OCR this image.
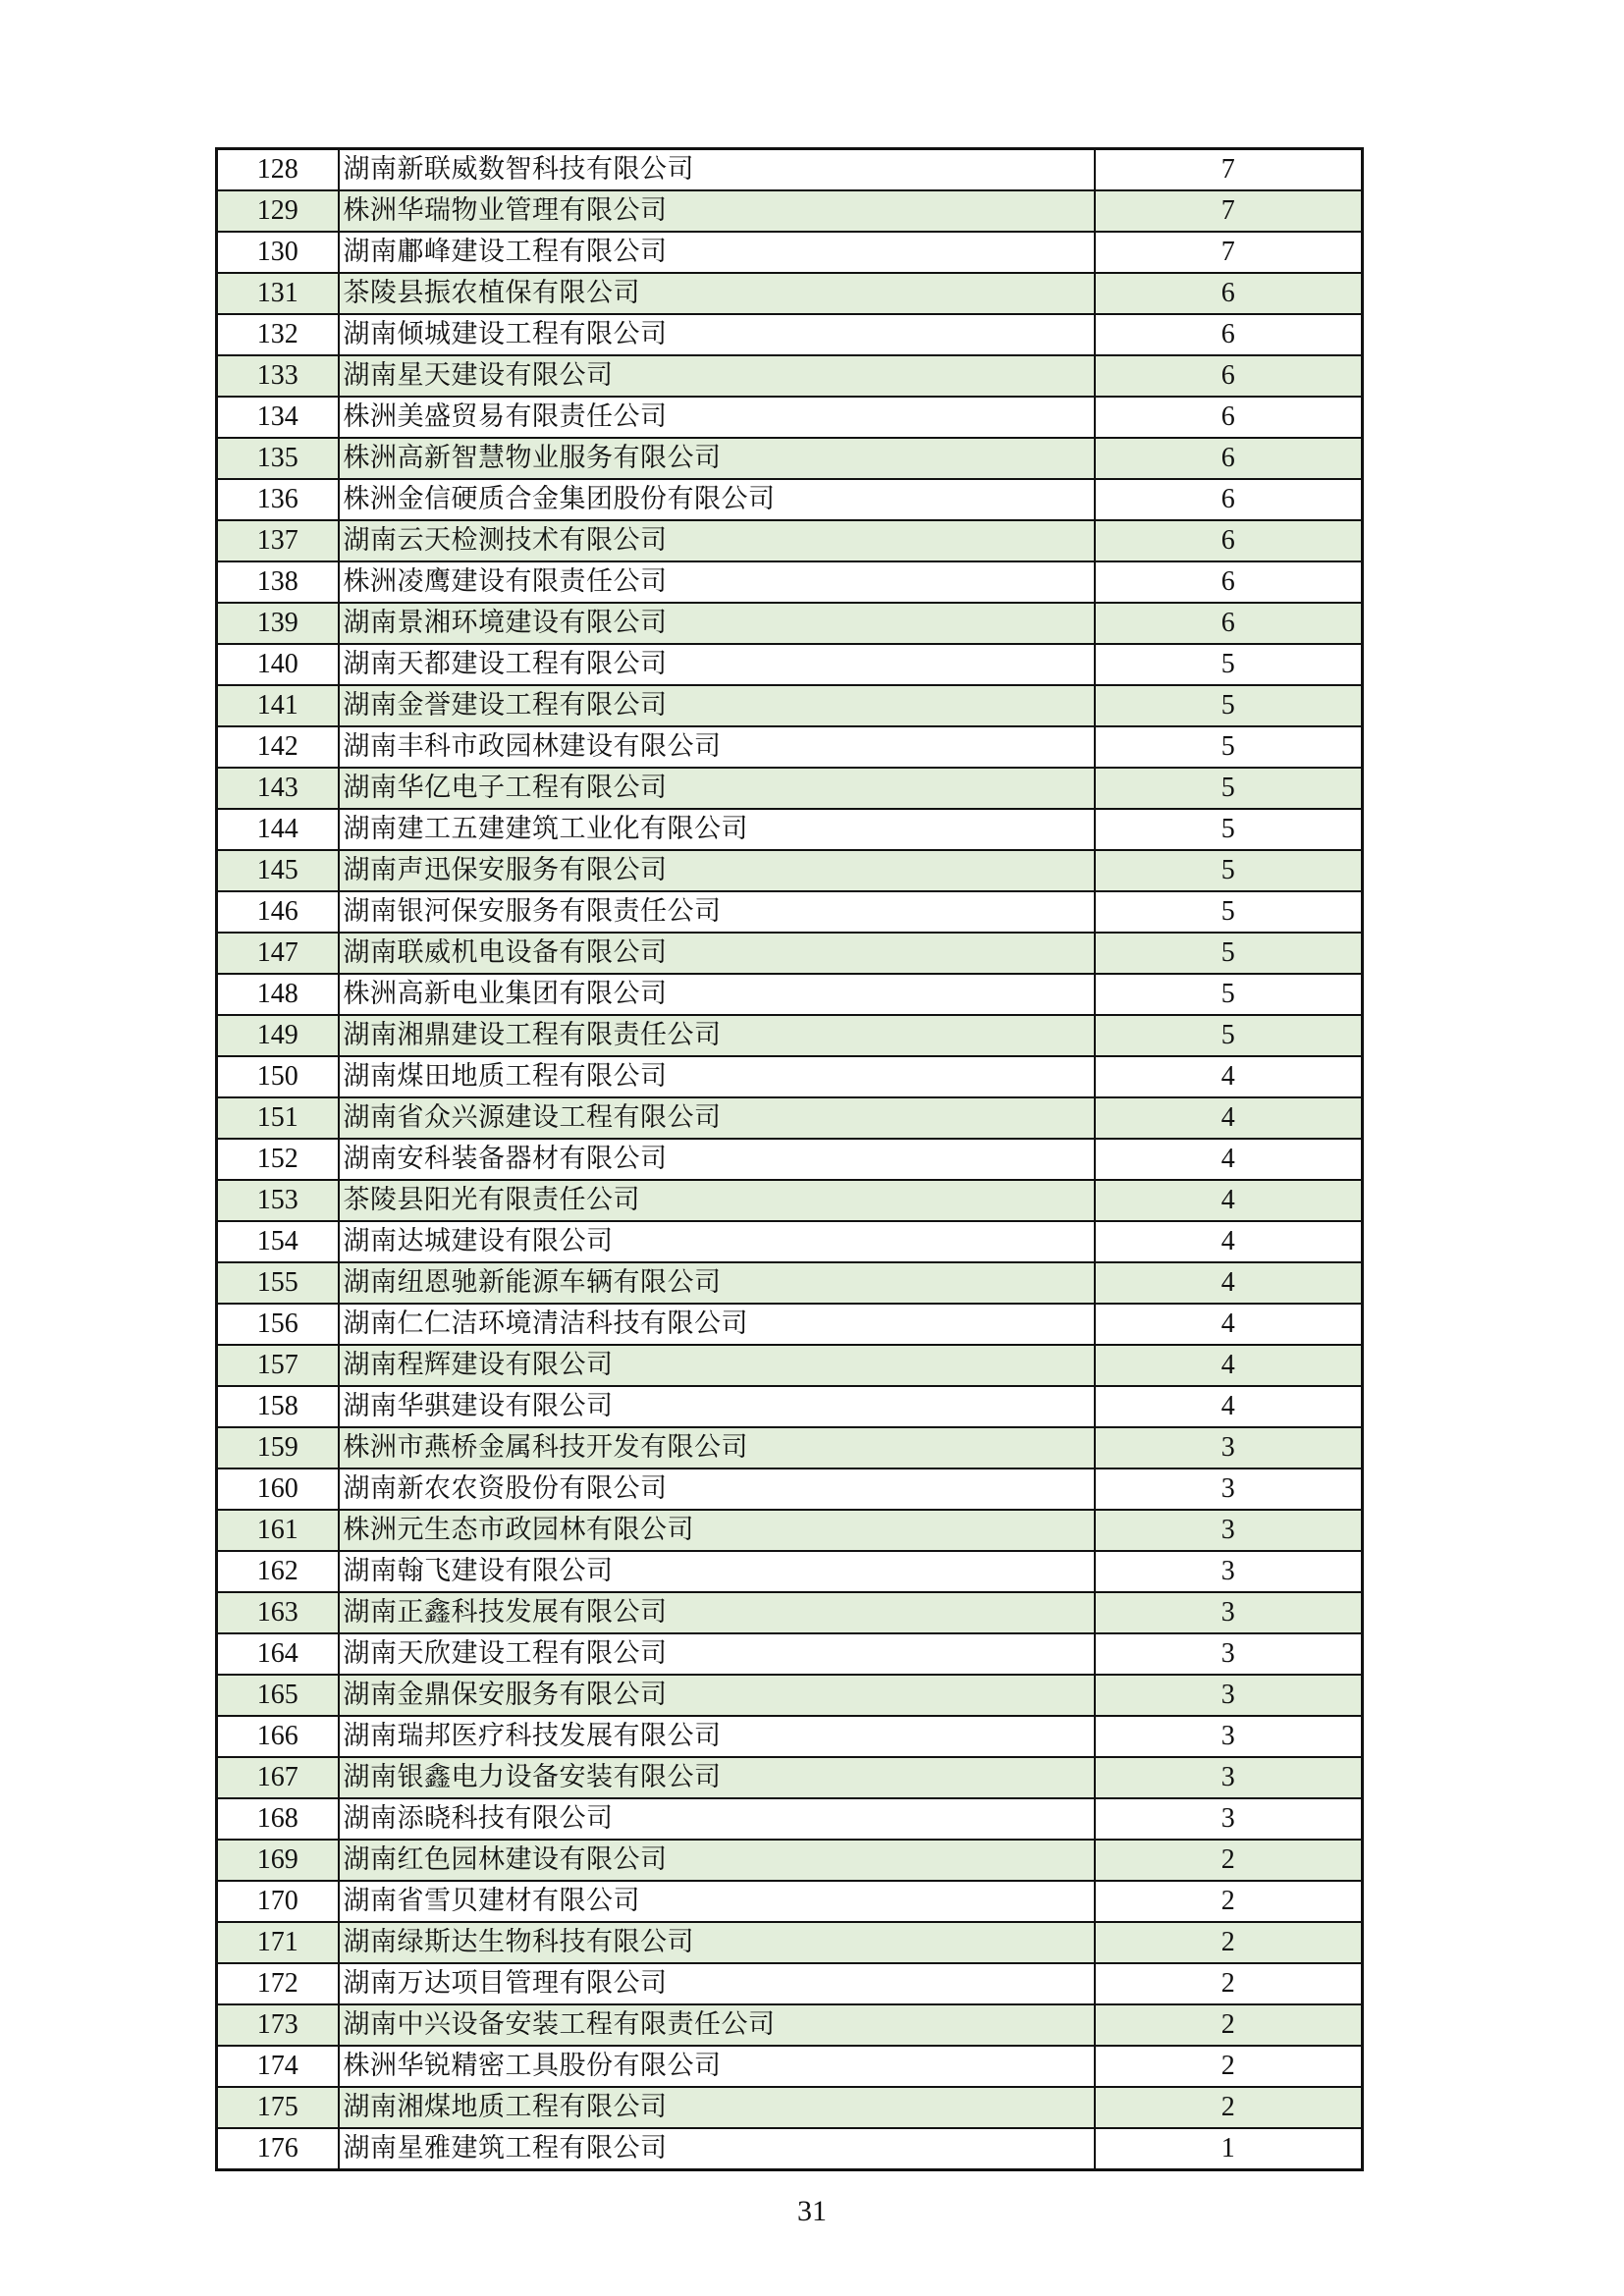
128	湖南新联威数智科技有限公司	7
129	株洲华瑞物业管理有限公司	7
130	湖南鄘峰建设工程有限公司	7
131	茶陵县振农植保有限公司	6
132	湖南倾城建设工程有限公司	6
133	湖南星天建设有限公司	6
134	株洲美盛贸易有限责任公司	6
135	株洲高新智慧物业服务有限公司	6
136	株洲金信硬质合金集团股份有限公司	6
137	湖南云天检测技术有限公司	6
138	株洲凌鹰建设有限责任公司	6
139	湖南景湘环境建设有限公司	6
140	湖南天都建设工程有限公司	5
141	湖南金誉建设工程有限公司	5
142	湖南丰科市政园林建设有限公司	5
143	湖南华亿电子工程有限公司	5
144	湖南建工五建建筑工业化有限公司	5
145	湖南声迅保安服务有限公司	5
146	湖南银河保安服务有限责任公司	5
147	湖南联威机电设备有限公司	5
148	株洲高新电业集团有限公司	5
149	湖南湘鼎建设工程有限责任公司	5
150	湖南煤田地质工程有限公司	4
151	湖南省众兴源建设工程有限公司	4
152	湖南安科装备器材有限公司	4
153	茶陵县阳光有限责任公司	4
154	湖南达城建设有限公司	4
155	湖南纽恩驰新能源车辆有限公司	4
156	湖南仁仁洁环境清洁科技有限公司	4
157	湖南程辉建设有限公司	4
158	湖南华骐建设有限公司	4
159	株洲市燕桥金属科技开发有限公司	3
160	湖南新农农资股份有限公司	3
161	株洲元生态市政园林有限公司	3
162	湖南翰飞建设有限公司	3
163	湖南正鑫科技发展有限公司	3
164	湖南天欣建设工程有限公司	3
165	湖南金鼎保安服务有限公司	3
166	湖南瑞邦医疗科技发展有限公司	3
167	湖南银鑫电力设备安装有限公司	3
168	湖南添晓科技有限公司	3
169	湖南红色园林建设有限公司	2
170	湖南省雪贝建材有限公司	2
171	湖南绿斯达生物科技有限公司	2
172	湖南万达项目管理有限公司	2
173	湖南中兴设备安装工程有限责任公司	2
174	株洲华锐精密工具股份有限公司	2
175	湖南湘煤地质工程有限公司	2
176	湖南星雅建筑工程有限公司	1
31
